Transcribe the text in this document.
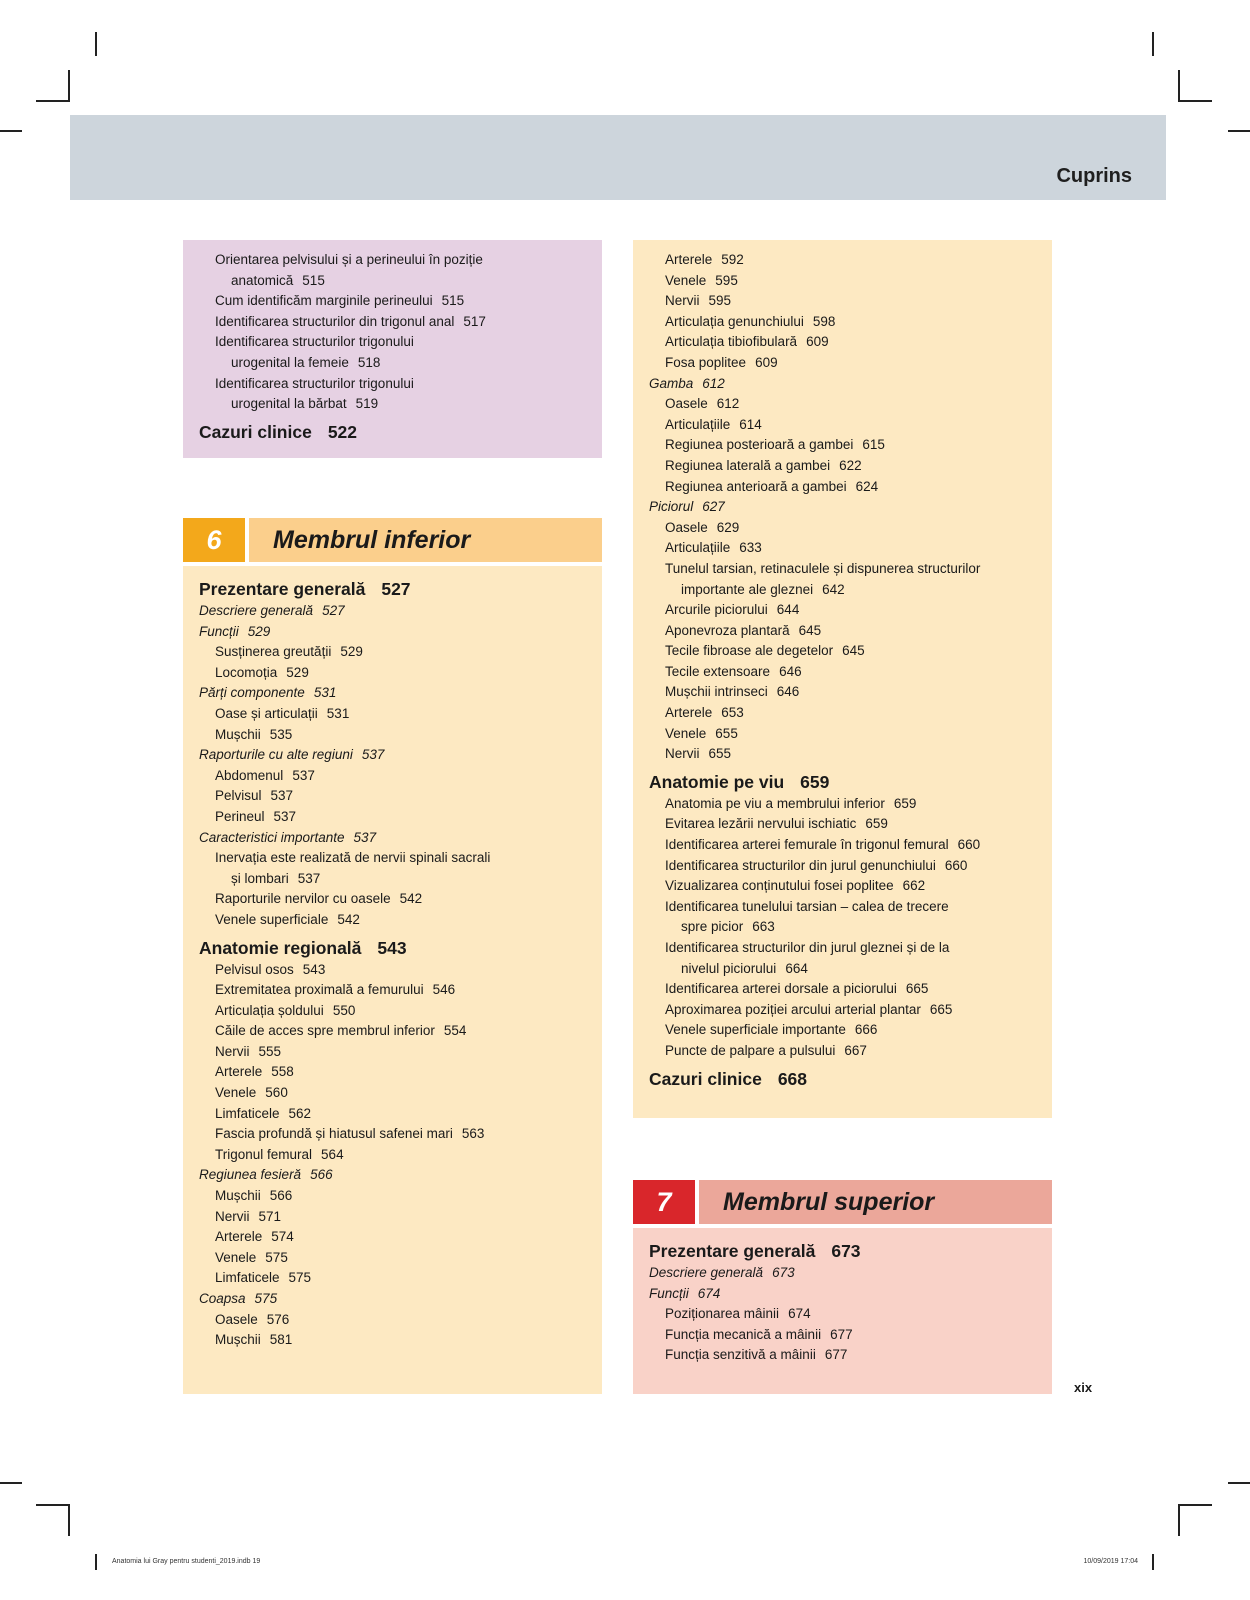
Cuprins
Orientarea pelvisului și a perineului în poziție
anatomică 515
Cum identificăm marginile perineului 515
Identificarea structurilor din trigonul anal 517
Identificarea structurilor trigonului
urogenital la femeie 518
Identificarea structurilor trigonului
urogenital la bărbat 519
Cazuri clinice 522
6	Membrul inferior
Prezentare generală 527
Descriere generală 527
Funcții 529
Susținerea greutății 529
Locomoția 529
Părți componente 531
Oase și articulații 531
Mușchii 535
Raporturile cu alte regiuni 537
Abdomenul 537
Pelvisul 537
Perineul 537
Caracteristici importante 537
Inervația este realizată de nervii spinali sacrali
și lombari 537
Raporturile nervilor cu oasele 542
Venele superficiale 542
Anatomie regională 543
Pelvisul osos 543
Extremitatea proximală a femurului 546
Articulația șoldului 550
Căile de acces spre membrul inferior 554
Nervii 555
Arterele 558
Venele 560
Limfaticele 562
Fascia profundă și hiatusul safenei mari 563
Trigonul femural 564
Regiunea fesieră 566
Mușchii 566
Nervii 571
Arterele 574
Venele 575
Limfaticele 575
Coapsa 575
Oasele 576
Mușchii 581
Arterele 592
Venele 595
Nervii 595
Articulația genunchiului 598
Articulația tibiofibulară 609
Fosa poplitee 609
Gamba 612
Oasele 612
Articulațiile 614
Regiunea posterioară a gambei 615
Regiunea laterală a gambei 622
Regiunea anterioară a gambei 624
Piciorul 627
Oasele 629
Articulațiile 633
Tunelul tarsian, retinaculele și dispunerea structurilor
importante ale gleznei 642
Arcurile piciorului 644
Aponevroza plantară 645
Tecile fibroase ale degetelor 645
Tecile extensoare 646
Mușchii intrinseci 646
Arterele 653
Venele 655
Nervii 655
Anatomie pe viu 659
Anatomia pe viu a membrului inferior 659
Evitarea lezării nervului ischiatic 659
Identificarea arterei femurale în trigonul femural 660
Identificarea structurilor din jurul genunchiului 660
Vizualizarea conținutului fosei poplitee 662
Identificarea tunelului tarsian – calea de trecere
spre picior 663
Identificarea structurilor din jurul gleznei și de la
nivelul piciorului 664
Identificarea arterei dorsale a piciorului 665
Aproximarea poziției arcului arterial plantar 665
Venele superficiale importante 666
Puncte de palpare a pulsului 667
Cazuri clinice 668
7	Membrul superior
Prezentare generală 673
Descriere generală 673
Funcții 674
Poziționarea mâinii 674
Funcția mecanică a mâinii 677
Funcția senzitivă a mâinii 677
xix
Anatomia lui Gray pentru studenti_2019.indb 19	10/09/2019 17:04
